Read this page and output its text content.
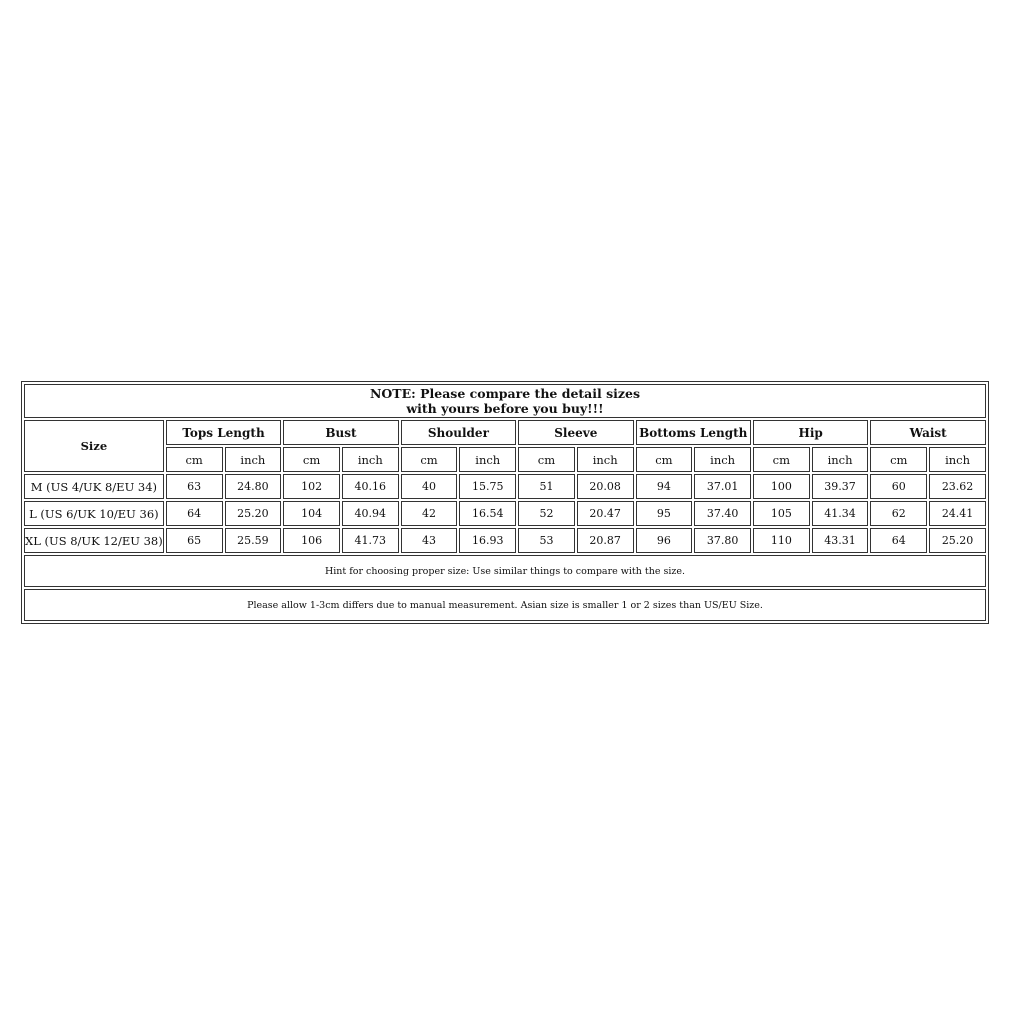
NOTE: Please compare the detail sizes
with yours before you buy!!!														

Size	Tops Length		Bust		Shoulder		Sleeve		Bottoms Length		Hip		Waist	
	cm	inch	cm	inch	cm	inch	cm	inch	cm	inch	cm	inch	cm	inch
M (US 4/UK 8/EU 34)	63	24.80	102	40.16	40	15.75	51	20.08	94	37.01	100	39.37	60	23.62
L (US 6/UK 10/EU 36)	64	25.20	104	40.94	42	16.54	52	20.47	95	37.40	105	41.34	62	24.41
XL (US 8/UK 12/EU 38)	65	25.59	106	41.73	43	16.93	53	20.87	96	37.80	110	43.31	64	25.20
Hint for choosing proper size: Use similar things to compare with the size.														
Please allow 1-3cm differs due to manual measurement. Asian size is smaller 1 or 2 sizes than US/EU Size.														
